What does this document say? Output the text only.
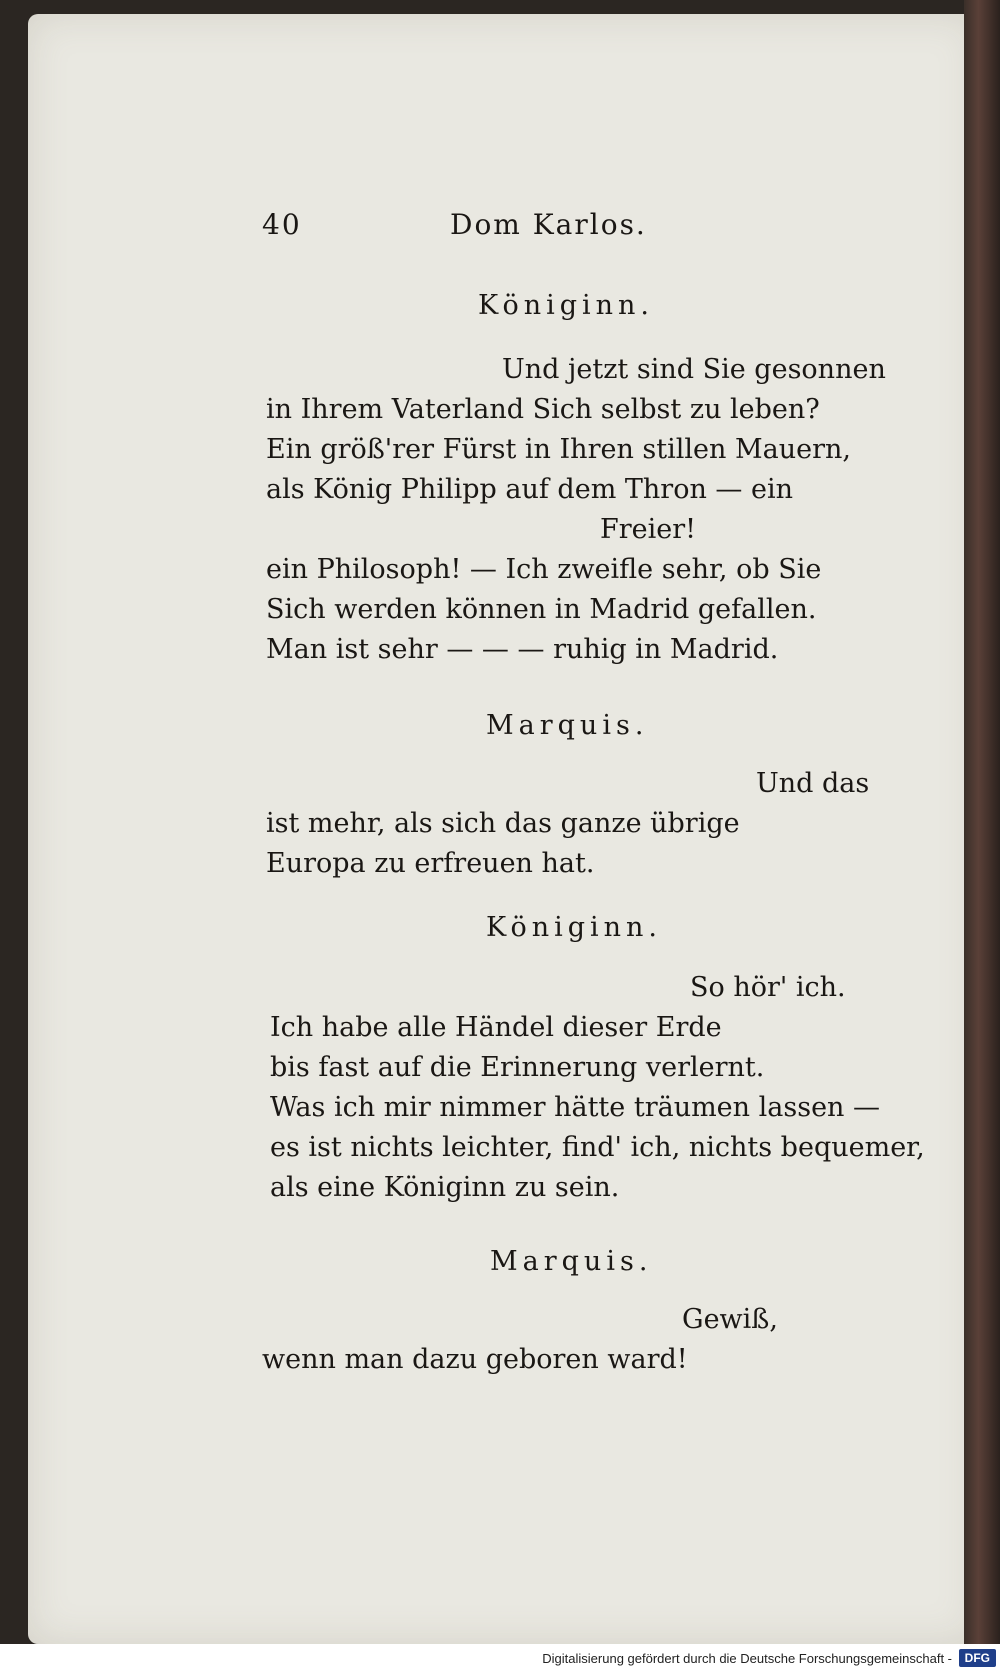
40	Dom Karlos.
Königinn.
Und jetzt sind Sie gesonnen
in Ihrem Vaterland Sich selbst zu leben?
Ein größ'rer Fürst in Ihren stillen Mauern,
als König Philipp auf dem Thron — ein
Freier!
ein Philosoph! — Ich zweifle sehr, ob Sie
Sich werden können in Madrid gefallen.
Man ist sehr — — — ruhig in Madrid.
Marquis.
Und das
ist mehr, als sich das ganze übrige
Europa zu erfreuen hat.
Königinn.
So hör' ich.
Ich habe alle Händel dieser Erde
bis fast auf die Erinnerung verlernt.
Was ich mir nimmer hätte träumen lassen —
es ist nichts leichter, find' ich, nichts bequemer,
als eine Königinn zu sein.
Marquis.
Gewiß,
wenn man dazu geboren ward!
Digitalisierung gefördert durch die Deutsche Forschungsgemeinschaft -	DFG
